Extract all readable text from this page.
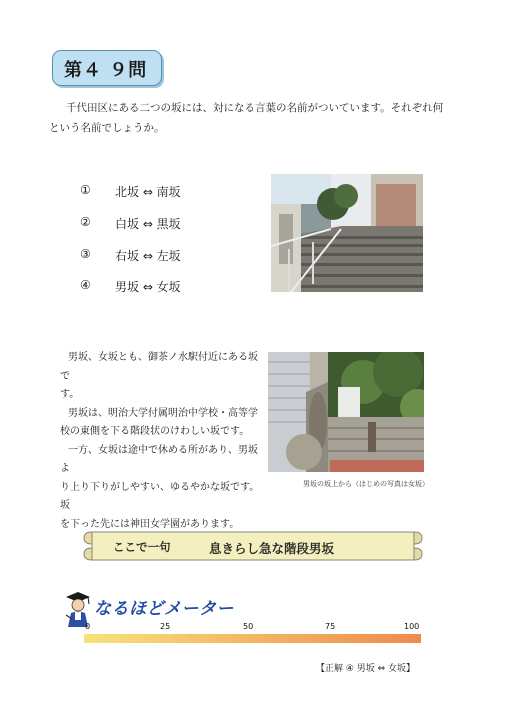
第４ ９問
千代田区にある二つの坂には、対になる言葉の名前がついています。それぞれ何
という名前でしょうか。
① 北坂 ⇔ 南坂
② 白坂 ⇔ 黒坂
③ 右坂 ⇔ 左坂
④ 男坂 ⇔ 女坂
男坂、女坂とも、御茶ノ水駅付近にある坂で
す。
男坂は、明治大学付属明治中学校・高等学
校の東側を下る階段状のけわしい坂です。
一方、女坂は途中で休める所があり、男坂よ
り上り下りがしやすい、ゆるやかな坂です。坂
を下った先には神田女学園があります。
男坂の坂上から（はじめの写真は女坂）
ここで一句	息きらし急な階段男坂
なるほどメーター
0	25	50	75	100
【正解 ④ 男坂 ⇔ 女坂】
